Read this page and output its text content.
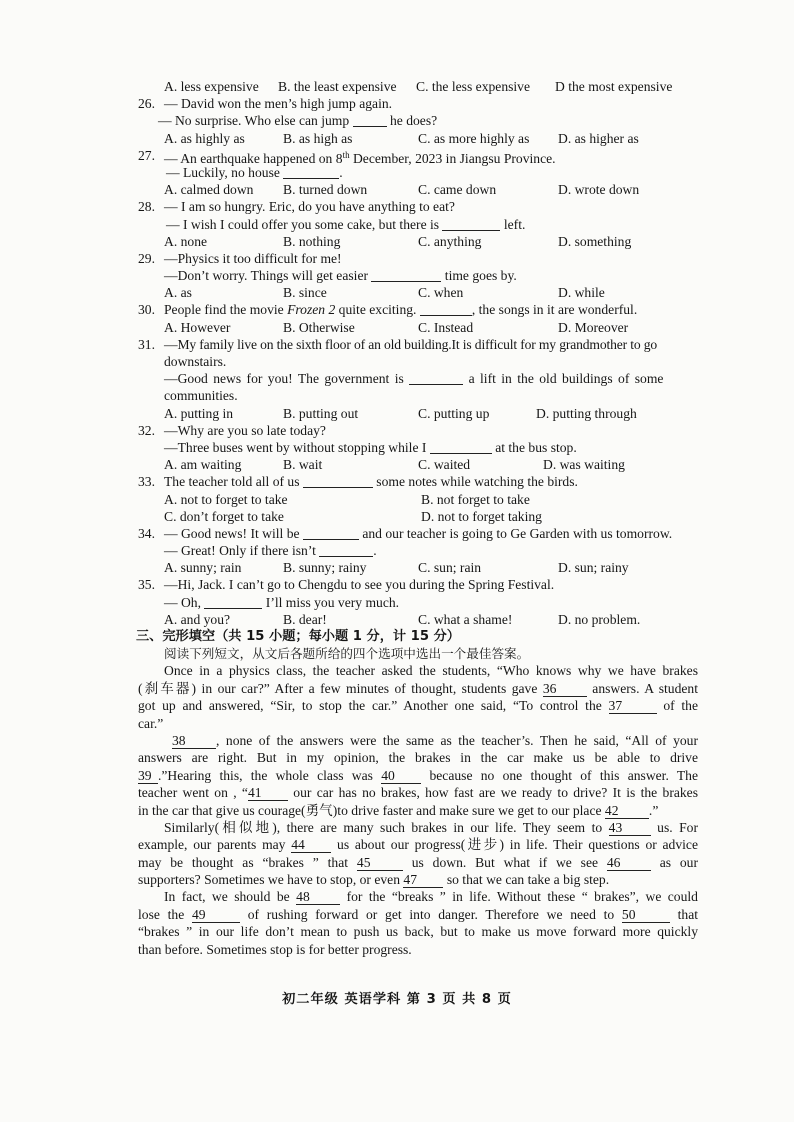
A. less expensive B. the least expensive C. the less expensive D the most expensive
26. — David won the men’s high jump again.
— No surprise. Who else can jump	he does?
A. as highly as	B. as high as	C. as more highly as D. as higher as
27. — An earthquake happened on 8th December, 2023 in Jiangsu Province.
— Luckily, no house	.
A. calmed down B. turned down	C. came down	D. wrote down
28. — I am so hungry. Eric, do you have anything to eat?
— I wish I could offer you some cake, but there is	left.
A. none	B. nothing	C. anything	D. something
29. —Physics it too difficult for me!
—Don’t worry. Things will get easier	time goes by.
A. as	B. since	C. when	D. while
30. People find the movie Frozen 2 quite exciting.	, the songs in it are wonderful.
A. However	B. Otherwise	C. Instead	D. Moreover
31. —My family live on the sixth floor of an old building.It is difficult for my grandmother to go
downstairs.
—Good news for you! The government is	a lift in the old buildings of some
communities.
A. putting in	B. putting out	C. putting up	D. putting through
32. —Why are you so late today?
—Three buses went by without stopping while I	at the bus stop.
A. am waiting	B. wait	C. waited	D. was waiting
33. The teacher told all of us	some notes while watching the birds.
A. not to forget to take	B. not forget to take
C. don’t forget to take	D. not to forget taking
34. — Good news! It will be	and our teacher is going to Ge Garden with us tomorrow.
— Great! Only if there isn’t	.
A. sunny; rain	B. sunny; rainy	C. sun; rain	D. sun; rainy
35. —Hi, Jack. I can’t go to Chengdu to see you during the Spring Festival.
— Oh,	I’ll miss you very much.
A. and you?	B. dear!	C. what a shame!	D. no problem.
三、完形填空（共 15 小题；每小题 1 分，计 15 分）
阅读下列短文，从文后各题所给的四个选项中选出一个最佳答案。
Once in a physics class, the teacher asked the students, “Who knows why we have brakes
(刹车器) in our car?” After a few minutes of thought, students gave 36	answers. A student
got up and answered, “Sir, to stop the car.” Another one said, “To control the 37	of the
car.”
38 , none of the answers were the same as the teacher’s. Then he said, “All of your
answers are right. But in my opinion, the brakes in the car make us be able to drive
39 .”Hearing this, the whole class was 40	because no one thought of this answer. The
teacher went on , “41 our car has no brakes, how fast are we ready to drive? It is the brakes
in the car that give us courage(勇气)to drive faster and make sure we get to our place 42 .”
Similarly(相似地), there are many such brakes in our life. They seem to 43	us. For
example, our parents may 44 us about our progress(进步) in life. Their questions or advice
may be thought as “brakes ” that 45	us down. But what if we see 46	as our
supporters? Sometimes we have to stop, or even 47 so that we can take a big step.
In fact, we should be 48	for the “breaks ” in life. Without these “ brakes”, we could
lose the 49	of rushing forward or get into danger. Therefore we need to 50	that
“brakes ” in our life don’t mean to push us back, but to make us move forward more quickly
than before. Sometimes stop is for better progress.
初二年级 英语学科 第 3 页 共 8 页
